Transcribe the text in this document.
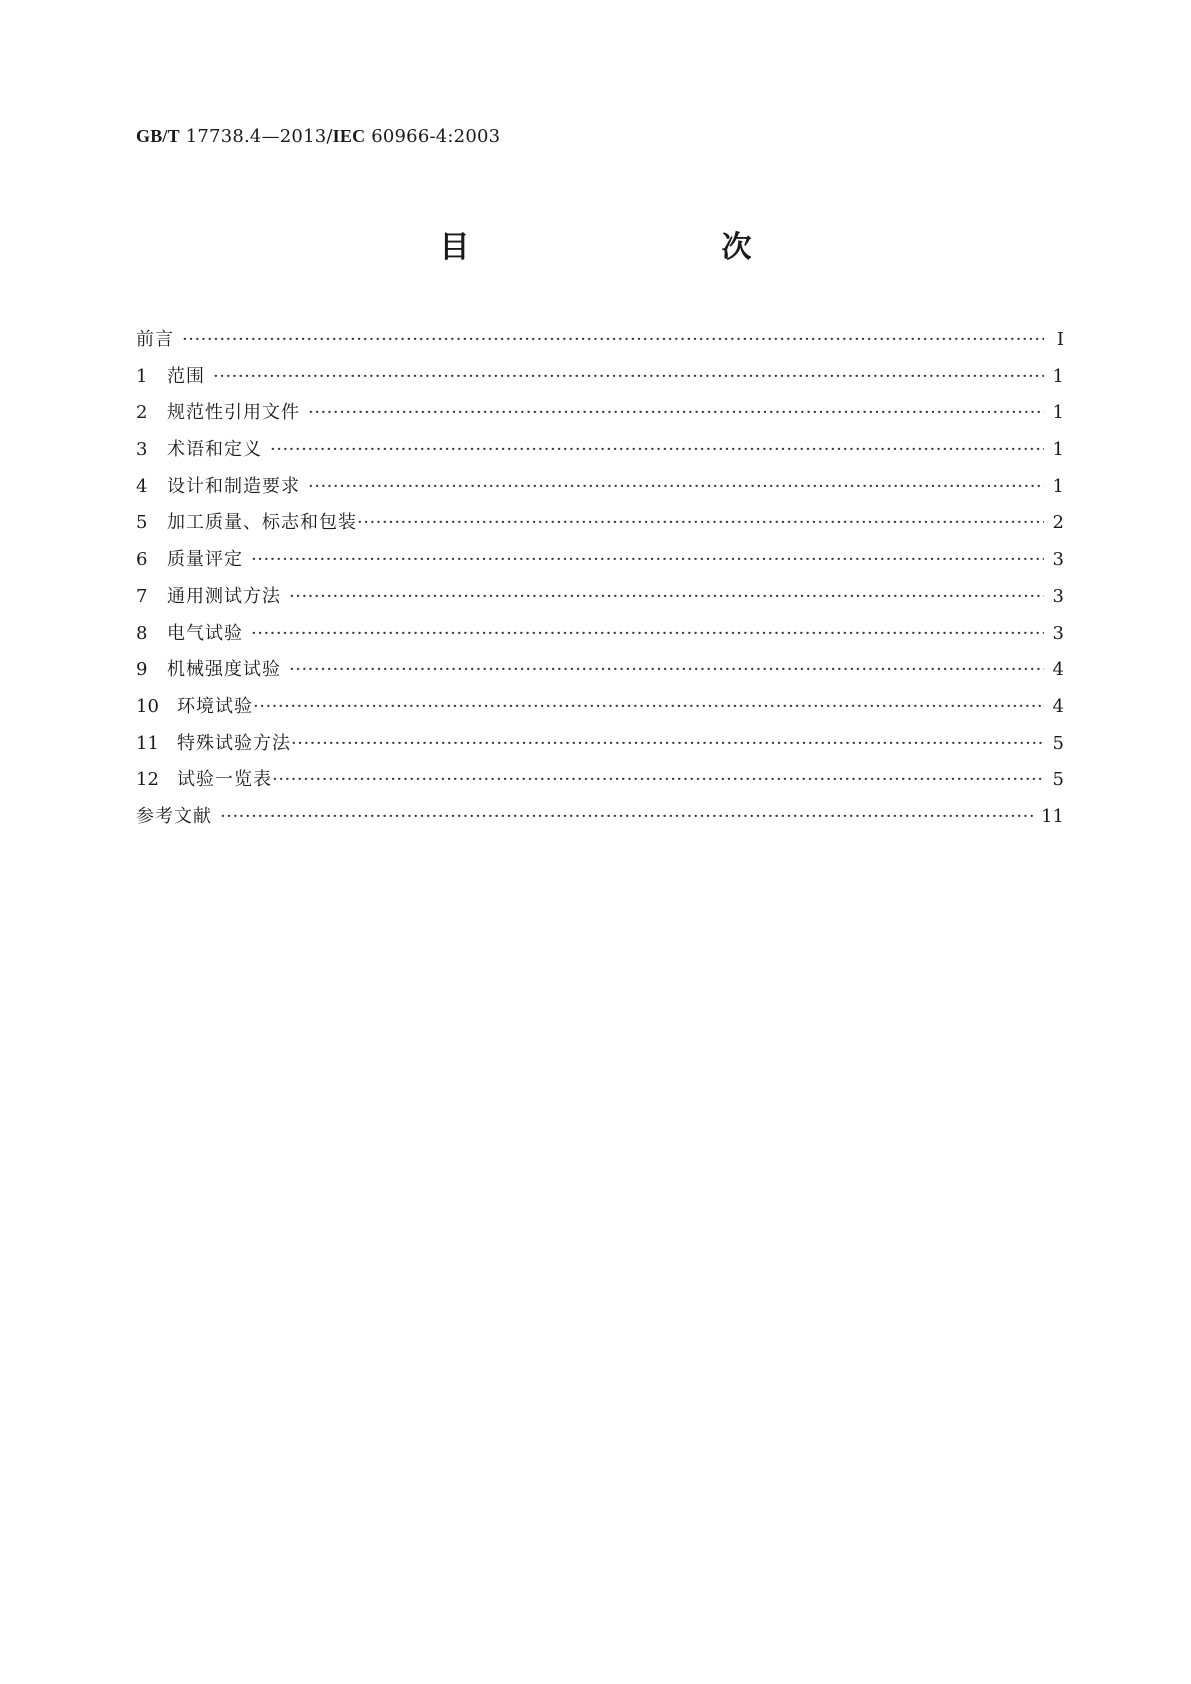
GB/T 17738.4—2013/IEC 60966-4:2003
目　　次
前言 ·····	Ⅰ
1	范围 ·····	1
2	规范性引用文件 ·····	1
3	术语和定义 ·····	1
4	设计和制造要求 ·····	1
5	加工质量、标志和包装 ·····	2
6	质量评定 ·····	3
7	通用测试方法 ·····	3
8	电气试验 ·····	3
9	机械强度试验 ·····	4
10	环境试验 ·····	4
11	特殊试验方法 ·····	5
12	试验一览表 ·····	5
参考文献 ·····	11
